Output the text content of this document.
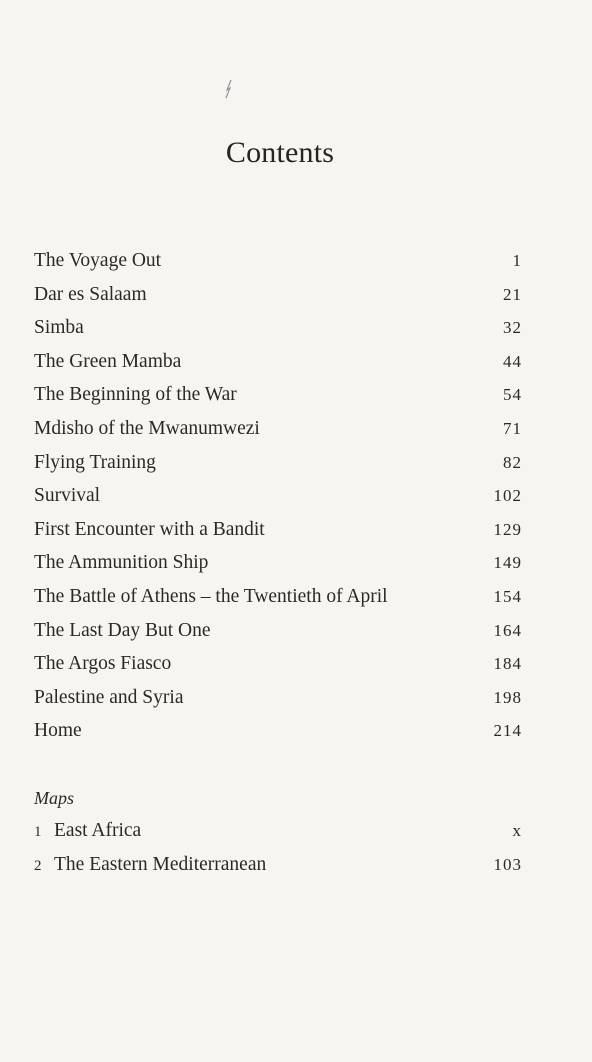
Contents
The Voyage Out	1
Dar es Salaam	21
Simba	32
The Green Mamba	44
The Beginning of the War	54
Mdisho of the Mwanumwezi	71
Flying Training	82
Survival	102
First Encounter with a Bandit	129
The Ammunition Ship	149
The Battle of Athens – the Twentieth of April	154
The Last Day But One	164
The Argos Fiasco	184
Palestine and Syria	198
Home	214
Maps
1 East Africa	x
2 The Eastern Mediterranean	103
